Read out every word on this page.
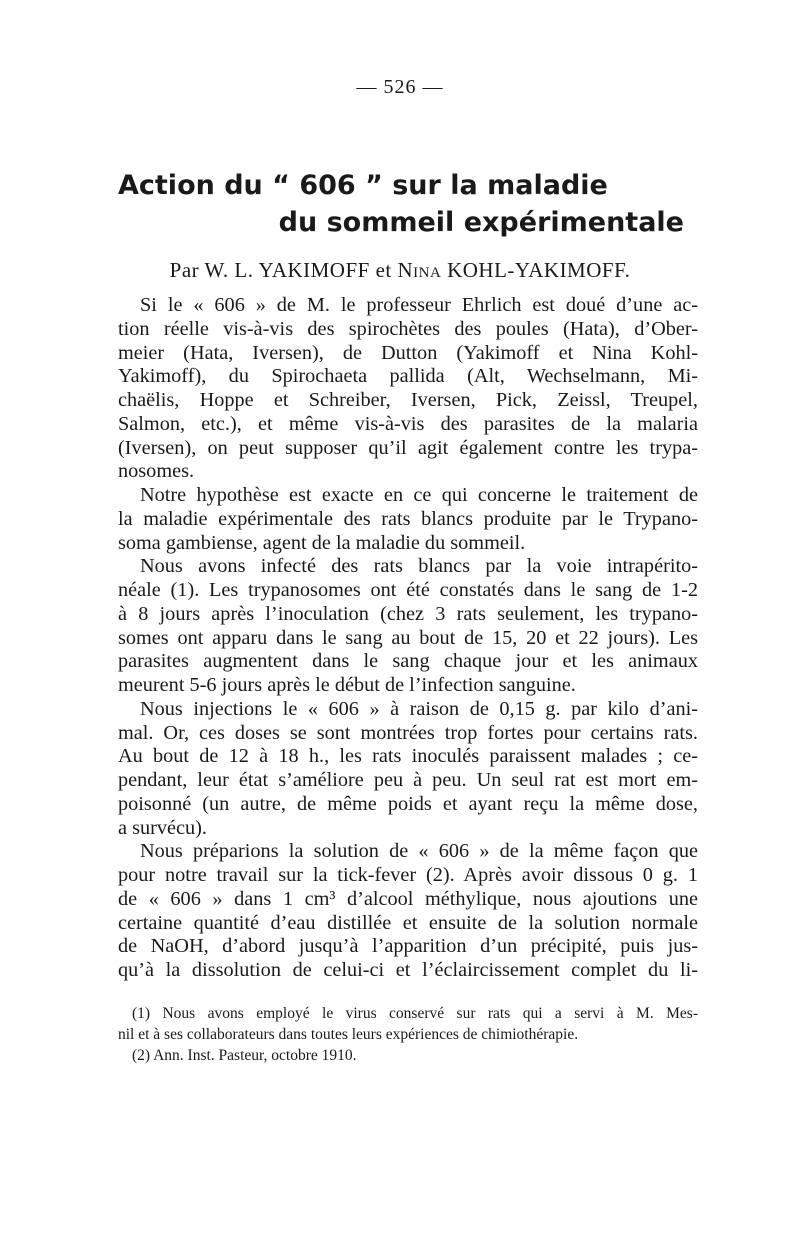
— 526 —
Action du “ 606 ” sur la maladie
du sommeil expérimentale
Par W. L. YAKIMOFF et Nina KOHL-YAKIMOFF.
Si le « 606 » de M. le professeur Ehrlich est doué d’une ac-
tion réelle vis-à-vis des spirochètes des poules (Hata), d’Ober-
meier (Hata, Iversen), de Dutton (Yakimoff et Nina Kohl-
Yakimoff), du Spirochaeta pallida (Alt, Wechselmann, Mi-
chaëlis, Hoppe et Schreiber, Iversen, Pick, Zeissl, Treupel,
Salmon, etc.), et même vis-à-vis des parasites de la malaria
(Iversen), on peut supposer qu’il agit également contre les trypa-
nosomes.
Notre hypothèse est exacte en ce qui concerne le traitement de
la maladie expérimentale des rats blancs produite par le Trypano-
soma gambiense, agent de la maladie du sommeil.
Nous avons infecté des rats blancs par la voie intrapérito-
néale (1). Les trypanosomes ont été constatés dans le sang de 1-2
à 8 jours après l’inoculation (chez 3 rats seulement, les trypano-
somes ont apparu dans le sang au bout de 15, 20 et 22 jours). Les
parasites augmentent dans le sang chaque jour et les animaux
meurent 5-6 jours après le début de l’infection sanguine.
Nous injections le « 606 » à raison de 0,15 g. par kilo d’ani-
mal. Or, ces doses se sont montrées trop fortes pour certains rats.
Au bout de 12 à 18 h., les rats inoculés paraissent malades ; ce-
pendant, leur état s’améliore peu à peu. Un seul rat est mort em-
poisonné (un autre, de même poids et ayant reçu la même dose,
a survécu).
Nous préparions la solution de « 606 » de la même façon que
pour notre travail sur la tick-fever (2). Après avoir dissous 0 g. 1
de « 606 » dans 1 cm³ d’alcool méthylique, nous ajoutions une
certaine quantité d’eau distillée et ensuite de la solution normale
de NaOH, d’abord jusqu’à l’apparition d’un précipité, puis jus-
qu’à la dissolution de celui-ci et l’éclaircissement complet du li-
(1) Nous avons employé le virus conservé sur rats qui a servi à M. Mes-
nil et à ses collaborateurs dans toutes leurs expériences de chimiothérapie.
(2) Ann. Inst. Pasteur, octobre 1910.
